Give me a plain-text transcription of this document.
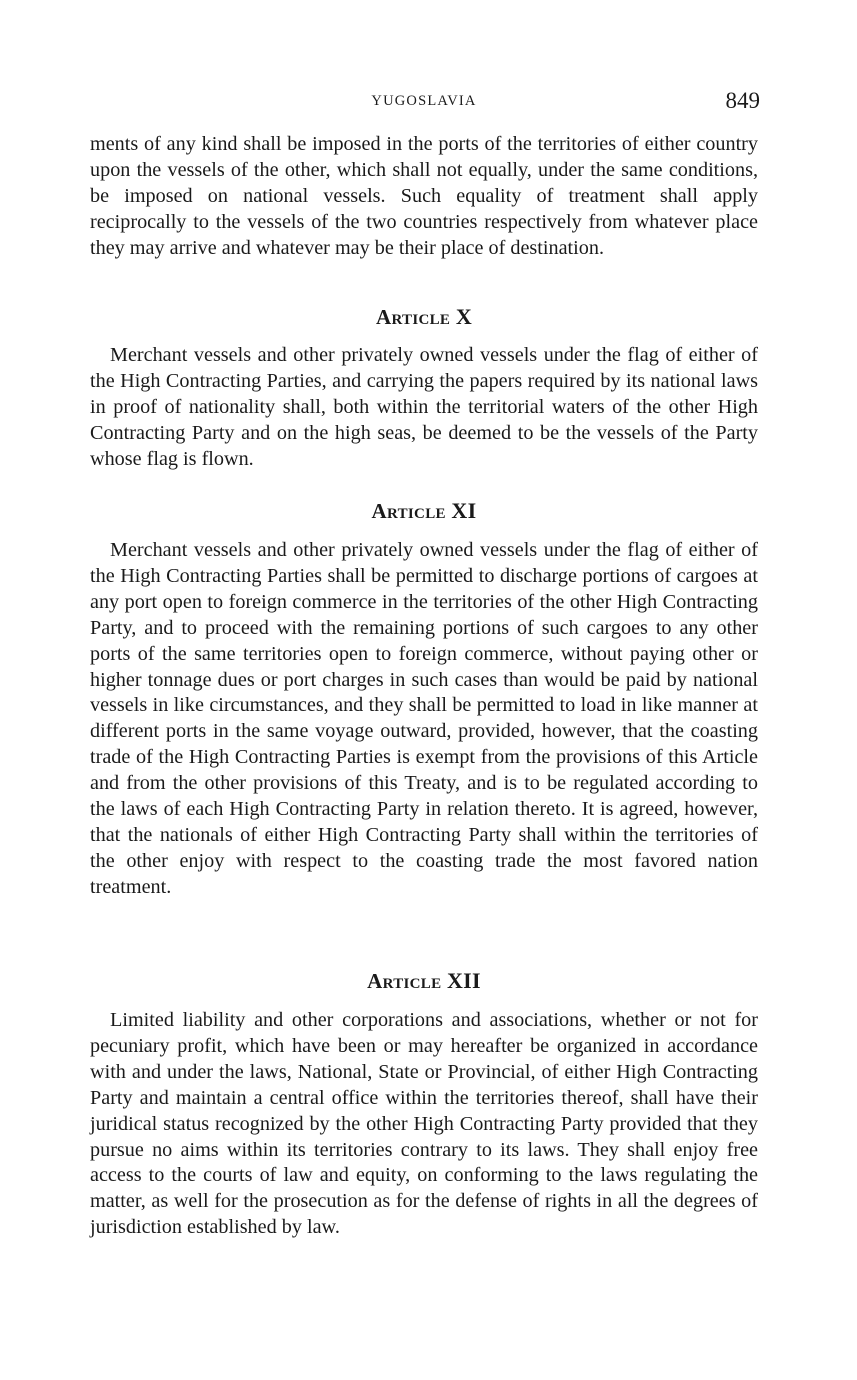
YUGOSLAVIA	849

ments of any kind shall be imposed in the ports of the territories of either country upon the vessels of the other, which shall not equally, under the same conditions, be imposed on national vessels. Such equality of treatment shall apply reciprocally to the vessels of the two countries respectively from whatever place they may arrive and whatever may be their place of destination.

Article X

Merchant vessels and other privately owned vessels under the flag of either of the High Contracting Parties, and carrying the papers required by its national laws in proof of nationality shall, both within the territorial waters of the other High Contracting Party and on the high seas, be deemed to be the vessels of the Party whose flag is flown.

Article XI

Merchant vessels and other privately owned vessels under the flag of either of the High Contracting Parties shall be permitted to discharge portions of cargoes at any port open to foreign commerce in the territories of the other High Contracting Party, and to proceed with the remaining portions of such cargoes to any other ports of the same territories open to foreign commerce, without paying other or higher tonnage dues or port charges in such cases than would be paid by national vessels in like circumstances, and they shall be permitted to load in like manner at different ports in the same voyage outward, provided, however, that the coasting trade of the High Contracting Parties is exempt from the provisions of this Article and from the other provisions of this Treaty, and is to be regulated according to the laws of each High Contracting Party in relation thereto. It is agreed, however, that the nationals of either High Contracting Party shall within the territories of the other enjoy with respect to the coasting trade the most favored nation treatment.

Article XII

Limited liability and other corporations and associations, whether or not for pecuniary profit, which have been or may hereafter be organized in accordance with and under the laws, National, State or Provincial, of either High Contracting Party and maintain a central office within the territories thereof, shall have their juridical status recognized by the other High Contracting Party provided that they pursue no aims within its territories contrary to its laws. They shall enjoy free access to the courts of law and equity, on conforming to the laws regulating the matter, as well for the prosecution as for the defense of rights in all the degrees of jurisdiction established by law.
